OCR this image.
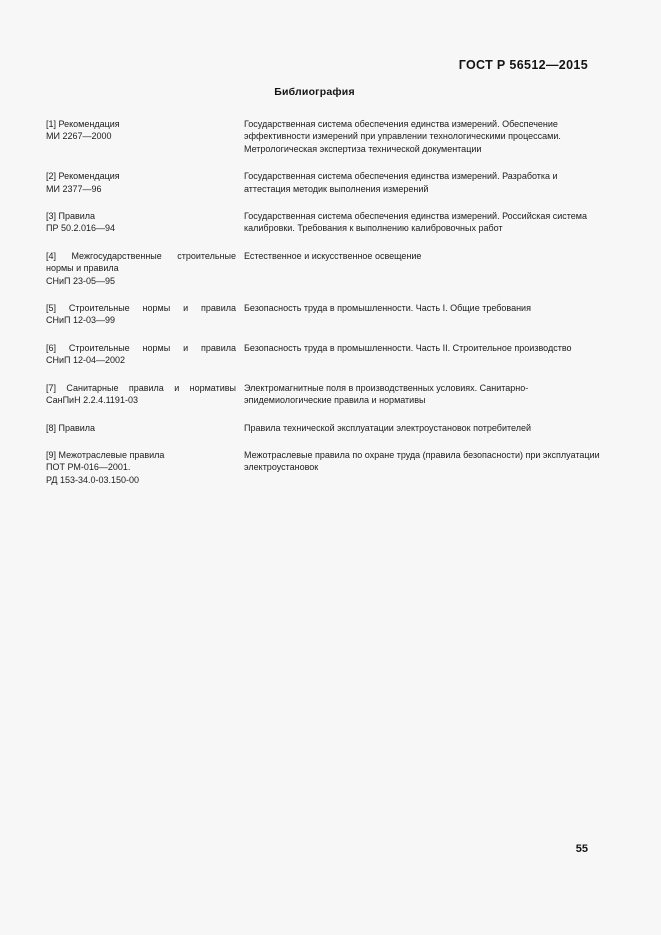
ГОСТ Р 56512—2015
Библиография
[1] Рекомендация
МИ 2267—2000
Государственная система обеспечения единства измерений. Обеспечение эффективности измерений при управлении технологическими процессами. Метрологическая экспертиза технической документации
[2] Рекомендация
МИ 2377—96
Государственная система обеспечения единства измерений. Разработка и аттестация методик выполнения измерений
[3] Правила
ПР 50.2.016—94
Государственная система обеспечения единства измерений. Российская система калибровки. Требования к выполнению калибровочных работ
[4] Межгосударственные строительные
нормы и правила
СНиП 23-05—95
Естественное и искусственное освещение
[5] Строительные нормы и правила
СНиП 12-03—99
Безопасность труда в промышленности. Часть I. Общие требования
[6] Строительные нормы и правила
СНиП 12-04—2002
Безопасность труда в промышленности. Часть II. Строительное производство
[7] Санитарные правила и нормативы
СанПиН 2.2.4.1191-03
Электромагнитные поля в производственных условиях. Санитарно-эпидемиологические правила и нормативы
[8] Правила	Правила технической эксплуатации электроустановок потребителей
[9] Межотраслевые правила
ПОТ РМ-016—2001.
РД 153-34.0-03.150-00
Межотраслевые правила по охране труда (правила безопасности) при эксплуатации электроустановок
55
